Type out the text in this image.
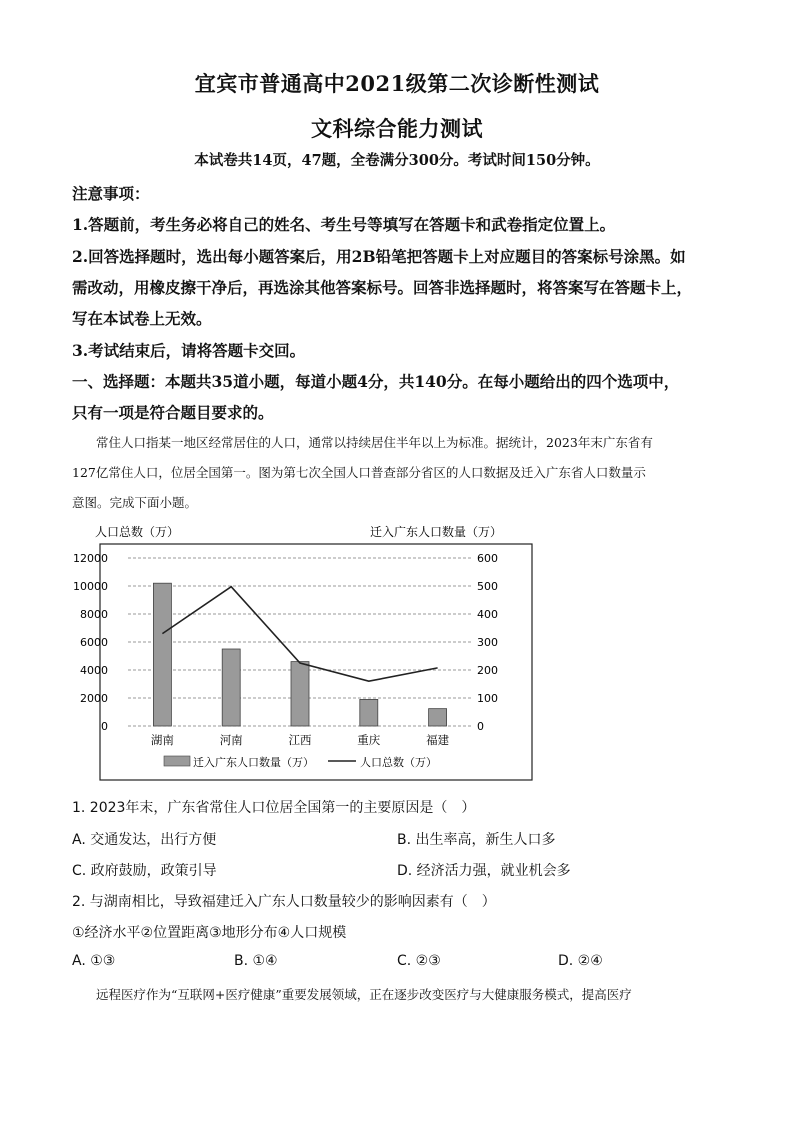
宜宾市普通高中2021级第二次诊断性测试
文科综合能力测试
本试卷共14页，47题，全卷满分300分。考试时间150分钟。
注意事项：
1.答题前，考生务必将自己的姓名、考生号等填写在答题卡和武卷指定位置上。
2.回答选择题时，选出每小题答案后，用2B铅笔把答题卡上对应题目的答案标号涂黑。如
需改动，用橡皮擦干净后，再选涂其他答案标号。回答非选择题时，将答案写在答题卡上，
写在本试卷上无效。
3.考试结束后，请将答题卡交回。
一、选择题：本题共35道小题，每道小题4分，共140分。在每小题给出的四个选项中，
只有一项是符合题目要求的。
常住人口指某一地区经常居住的人口，通常以持续居住半年以上为标准。据统计，2023年末广东省有
127亿常住人口，位居全国第一。图为第七次全国人口普查部分省区的人口数据及迁入广东省人口数量示
意图。完成下面小题。
人口总数（万）	迁入广东人口数量（万）
0
2000
4000
6000
8000
10000
12000
0
100
200
300
400
500
600
湖南	河南	江西	重庆	福建
迁入广东人口数量（万）	人口总数（万）
1. 2023年末，广东省常住人口位居全国第一的主要原因是（　）
A. 交通发达，出行方便	B. 出生率高，新生人口多
C. 政府鼓励，政策引导	D. 经济活力强，就业机会多
2. 与湖南相比，导致福建迁入广东人口数量较少的影响因素有（　）
①经济水平②位置距离③地形分布④人口规模
A. ①③	B. ①④	C. ②③	D. ②④
远程医疗作为“互联网+医疗健康”重要发展领域，正在逐步改变医疗与大健康服务模式，提高医疗
